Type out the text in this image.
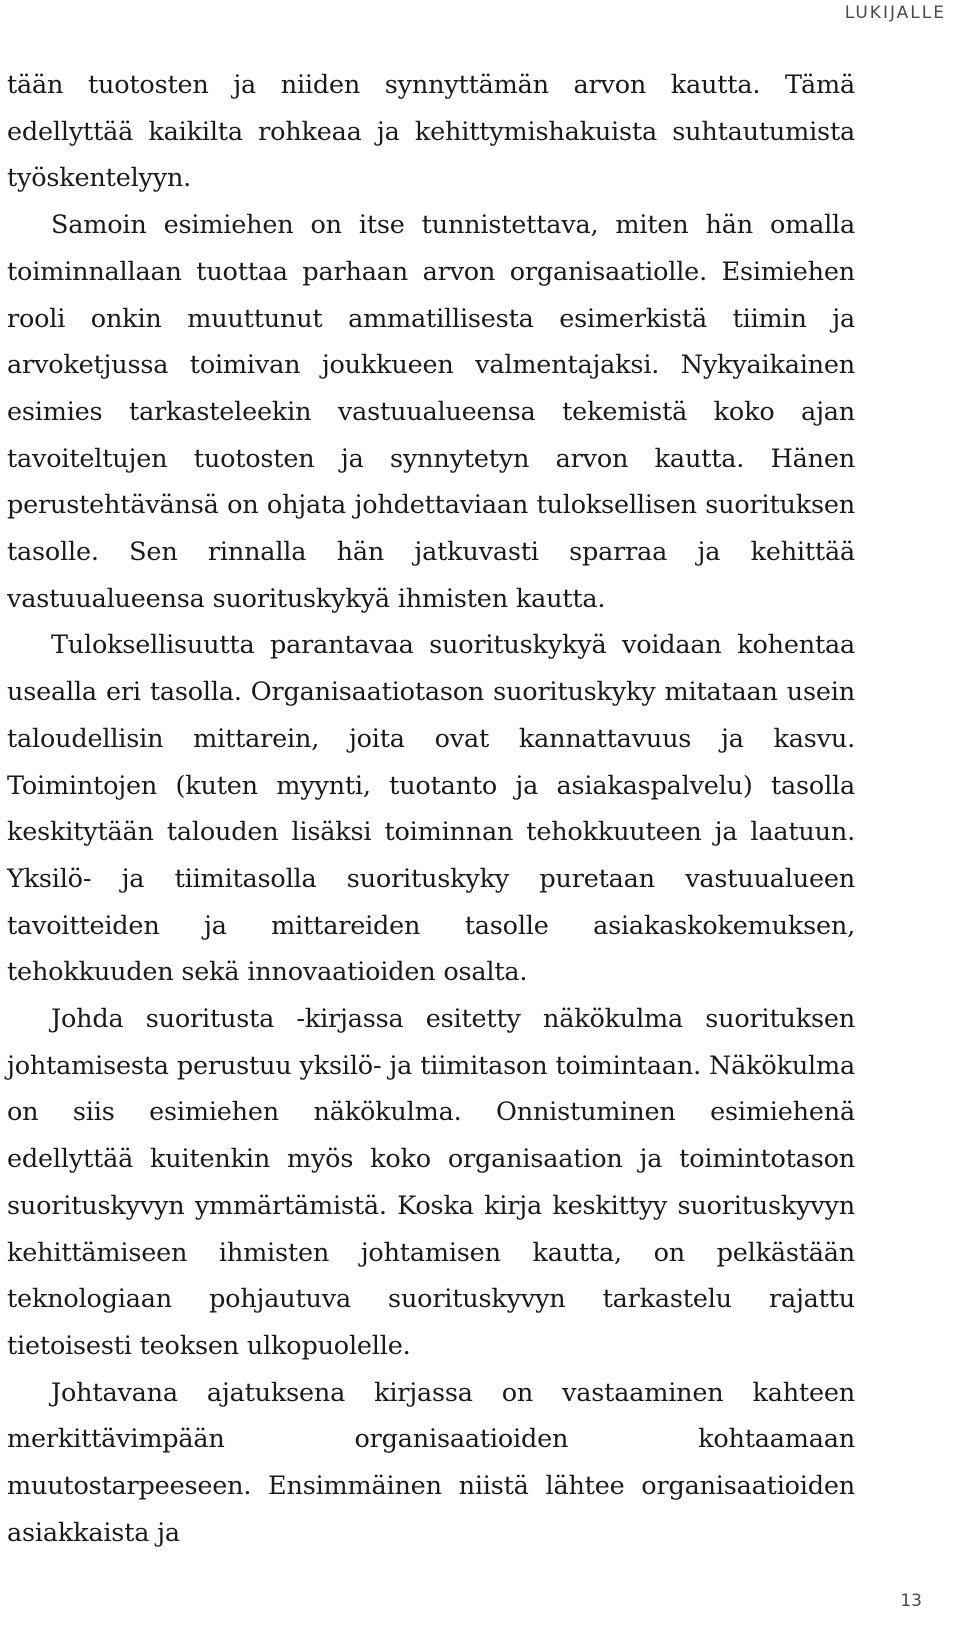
LUKIJALLE

tään tuotosten ja niiden synnyttämän arvon kautta. Tämä edellyttää kaikilta rohkeaa ja kehittymishakuista suhtautumista työskentelyyn.

Samoin esimiehen on itse tunnistettava, miten hän omalla toiminnallaan tuottaa parhaan arvon organisaatiolle. Esimiehen rooli onkin muuttunut ammatillisesta esimerkistä tiimin ja arvoketjussa toimivan joukkueen valmentajaksi. Nykyaikainen esimies tarkasteleekin vastuualueensa tekemistä koko ajan tavoiteltujen tuotosten ja synnytetyn arvon kautta. Hänen perustehtävänsä on ohjata johdettaviaan tuloksellisen suorituksen tasolle. Sen rinnalla hän jatkuvasti sparraa ja kehittää vastuualueensa suorituskykyä ihmisten kautta.

Tuloksellisuutta parantavaa suorituskykyä voidaan kohentaa usealla eri tasolla. Organisaatiotason suorituskyky mitataan usein taloudellisin mittarein, joita ovat kannattavuus ja kasvu. Toimintojen (kuten myynti, tuotanto ja asiakaspalvelu) tasolla keskitytään talouden lisäksi toiminnan tehokkuuteen ja laatuun. Yksilö- ja tiimitasolla suorituskyky puretaan vastuualueen tavoitteiden ja mittareiden tasolle asiakaskokemuksen, tehokkuuden sekä innovaatioiden osalta.

Johda suoritusta -kirjassa esitetty näkökulma suorituksen johtamisesta perustuu yksilö- ja tiimitason toimintaan. Näkökulma on siis esimiehen näkökulma. Onnistuminen esimiehenä edellyttää kuitenkin myös koko organisaation ja toimintotason suorituskyvyn ymmärtämistä. Koska kirja keskittyy suorituskyvyn kehittämiseen ihmisten johtamisen kautta, on pelkästään teknologiaan pohjautuva suorituskyvyn tarkastelu rajattu tietoisesti teoksen ulkopuolelle.

Johtavana ajatuksena kirjassa on vastaaminen kahteen merkittävimpään organisaatioiden kohtaamaan muutostarpeeseen. Ensimmäinen niistä lähtee organisaatioiden asiakkaista ja

13
